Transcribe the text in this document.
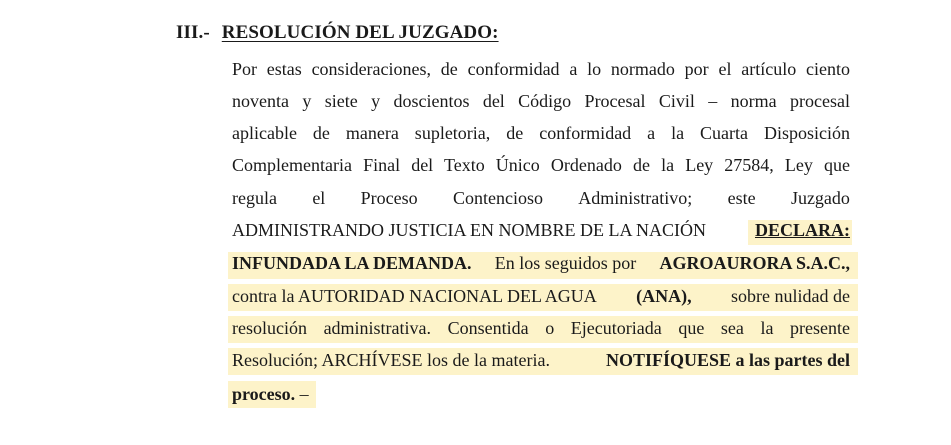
III.- RESOLUCIÓN DEL JUZGADO:
Por estas consideraciones, de conformidad a lo normado por el artículo ciento
noventa y siete y doscientos del Código Procesal Civil – norma procesal
aplicable de manera supletoria, de conformidad a la Cuarta Disposición
Complementaria Final del Texto Único Ordenado de la Ley 27584, Ley que
regula el Proceso Contencioso Administrativo; este Juzgado
ADMINISTRANDO JUSTICIA EN NOMBRE DE LA NACIÓN	DECLARA:
INFUNDADA LA DEMANDA. En los seguidos por AGROAURORA S.A.C.,
contra la AUTORIDAD NACIONAL DEL AGUA (ANA), sobre nulidad de
resolución administrativa. Consentida o Ejecutoriada que sea la presente
Resolución; ARCHÍVESE los de la materia.	NOTIFÍQUESE a las partes del
proceso. –
